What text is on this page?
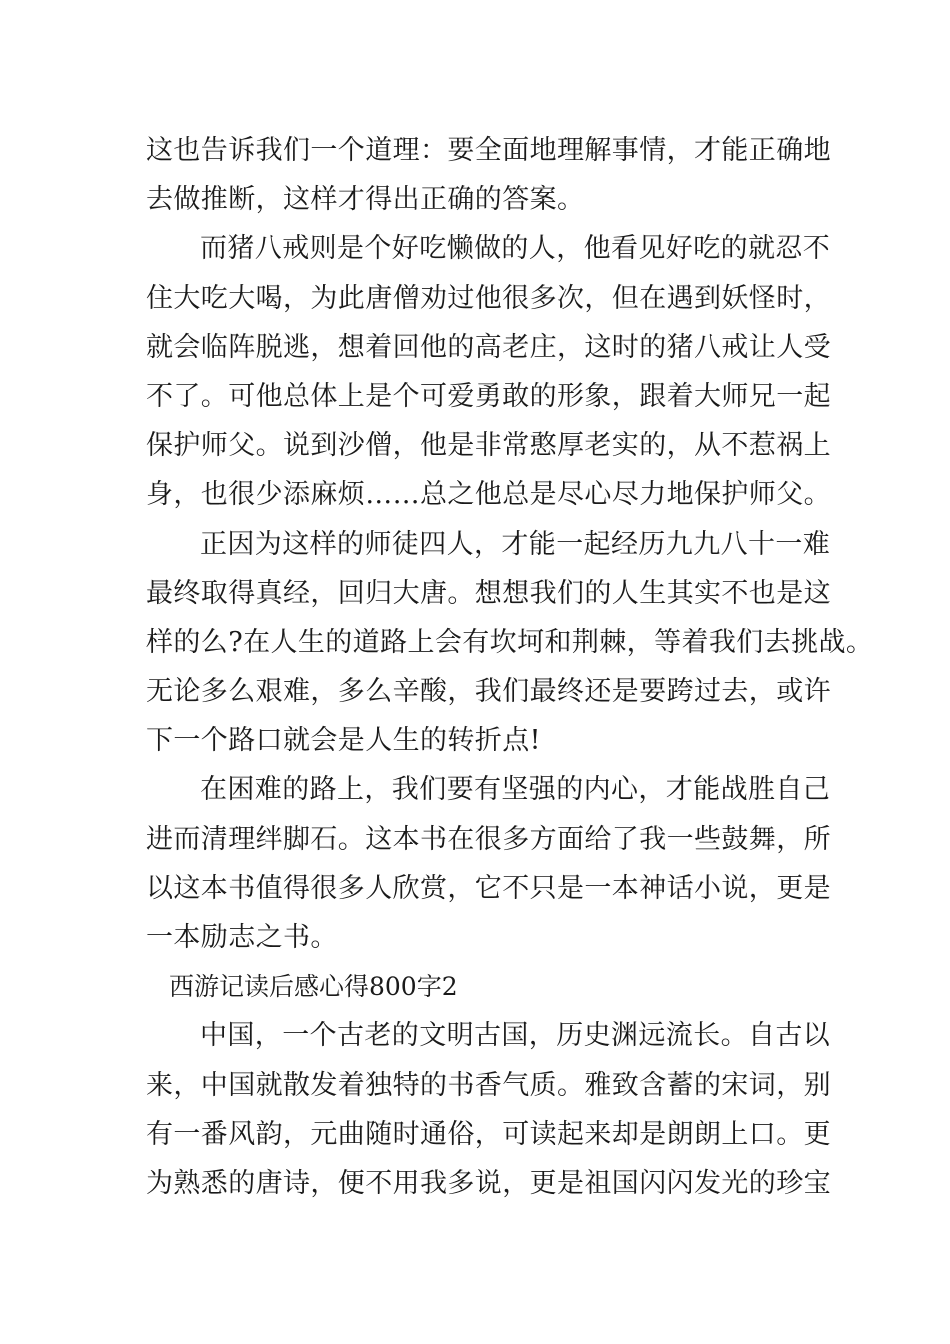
这也告诉我们一个道理：要全面地理解事情，才能正确地
去做推断，这样才得出正确的答案。
而猪八戒则是个好吃懒做的人，他看见好吃的就忍不
住大吃大喝，为此唐僧劝过他很多次，但在遇到妖怪时，
就会临阵脱逃，想着回他的高老庄，这时的猪八戒让人受
不了。可他总体上是个可爱勇敢的形象，跟着大师兄一起
保护师父。说到沙僧，他是非常憨厚老实的，从不惹祸上
身，也很少添麻烦……总之他总是尽心尽力地保护师父。
正因为这样的师徒四人，才能一起经历九九八十一难
最终取得真经，回归大唐。想想我们的人生其实不也是这
样的么?在人生的道路上会有坎坷和荆棘，等着我们去挑战。
无论多么艰难，多么辛酸，我们最终还是要跨过去，或许
下一个路口就会是人生的转折点!
在困难的路上，我们要有坚强的内心，才能战胜自己
进而清理绊脚石。这本书在很多方面给了我一些鼓舞，所
以这本书值得很多人欣赏，它不只是一本神话小说，更是
一本励志之书。
西游记读后感心得800字2
中国，一个古老的文明古国，历史渊远流长。自古以
来，中国就散发着独特的书香气质。雅致含蓄的宋词，别
有一番风韵，元曲随时通俗，可读起来却是朗朗上口。更
为熟悉的唐诗，便不用我多说，更是祖国闪闪发光的珍宝
